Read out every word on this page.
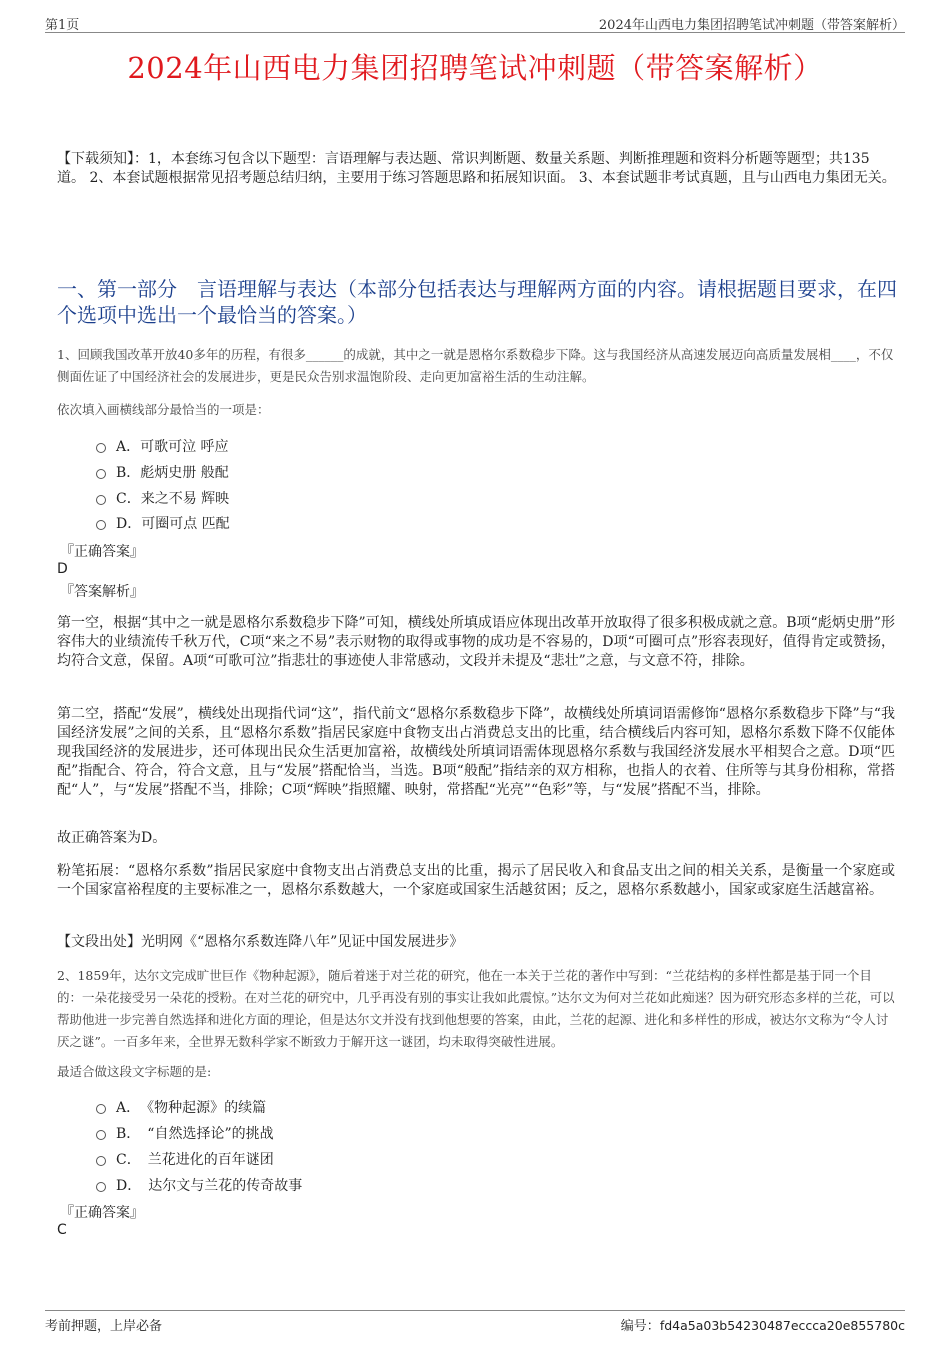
第1页	2024年山西电力集团招聘笔试冲刺题（带答案解析）
2024年山西电力集团招聘笔试冲刺题（带答案解析）
【下载须知】：1，本套练习包含以下题型：言语理解与表达题、常识判断题、数量关系题、判断推理题和资料分析题等题型；共135道。 2、本套试题根据常见招考题总结归纳，主要用于练习答题思路和拓展知识面。 3、本套试题非考试真题，且与山西电力集团无关。
一、第一部分　言语理解与表达（本部分包括表达与理解两方面的内容。请根据题目要求，在四个选项中选出一个最恰当的答案。）
1、回顾我国改革开放40多年的历程，有很多______的成就，其中之一就是恩格尔系数稳步下降。这与我国经济从高速发展迈向高质量发展相____，不仅侧面佐证了中国经济社会的发展进步，更是民众告别求温饱阶段、走向更加富裕生活的生动注解。
依次填入画横线部分最恰当的一项是：
A．可歌可泣 呼应
B．彪炳史册 般配
C．来之不易 辉映
D．可圈可点 匹配
『正确答案』
D
『答案解析』
第一空，根据“其中之一就是恩格尔系数稳步下降”可知，横线处所填成语应体现出改革开放取得了很多积极成就之意。B项“彪炳史册”形容伟大的业绩流传千秋万代，C项“来之不易”表示财物的取得或事物的成功是不容易的，D项“可圈可点”形容表现好，值得肯定或赞扬，均符合文意，保留。A项“可歌可泣”指悲壮的事迹使人非常感动，文段并未提及“悲壮”之意，与文意不符，排除。
第二空，搭配“发展”，横线处出现指代词“这”，指代前文“恩格尔系数稳步下降”，故横线处所填词语需修饰“恩格尔系数稳步下降”与“我国经济发展”之间的关系，且“恩格尔系数”指居民家庭中食物支出占消费总支出的比重，结合横线后内容可知，恩格尔系数下降不仅能体现我国经济的发展进步，还可体现出民众生活更加富裕，故横线处所填词语需体现恩格尔系数与我国经济发展水平相契合之意。D项“匹配”指配合、符合，符合文意，且与“发展”搭配恰当，当选。B项“般配”指结亲的双方相称，也指人的衣着、住所等与其身份相称，常搭配“人”，与“发展”搭配不当，排除；C项“辉映”指照耀、映射，常搭配“光亮”“色彩”等，与“发展”搭配不当，排除。
故正确答案为D。
粉笔拓展：“恩格尔系数”指居民家庭中食物支出占消费总支出的比重，揭示了居民收入和食品支出之间的相关关系，是衡量一个家庭或一个国家富裕程度的主要标准之一，恩格尔系数越大，一个家庭或国家生活越贫困；反之，恩格尔系数越小，国家或家庭生活越富裕。
【文段出处】光明网《“恩格尔系数连降八年”见证中国发展进步》
2、1859年，达尔文完成旷世巨作《物种起源》，随后着迷于对兰花的研究，他在一本关于兰花的著作中写到：“兰花结构的多样性都是基于同一个目的：一朵花接受另一朵花的授粉。在对兰花的研究中，几乎再没有别的事实让我如此震惊。”达尔文为何对兰花如此痴迷？因为研究形态多样的兰花，可以帮助他进一步完善自然选择和进化方面的理论，但是达尔文并没有找到他想要的答案，由此，兰花的起源、进化和多样性的形成，被达尔文称为“令人讨厌之谜”。一百多年来，全世界无数科学家不断致力于解开这一谜团，均未取得突破性进展。
最适合做这段文字标题的是:
A．　《物种起源》的续篇
B．　“自然选择论”的挑战
C．　兰花进化的百年谜团
D．　达尔文与兰花的传奇故事
『正确答案』
C
考前押题，上岸必备	编号：fd4a5a03b54230487eccca20e855780c
